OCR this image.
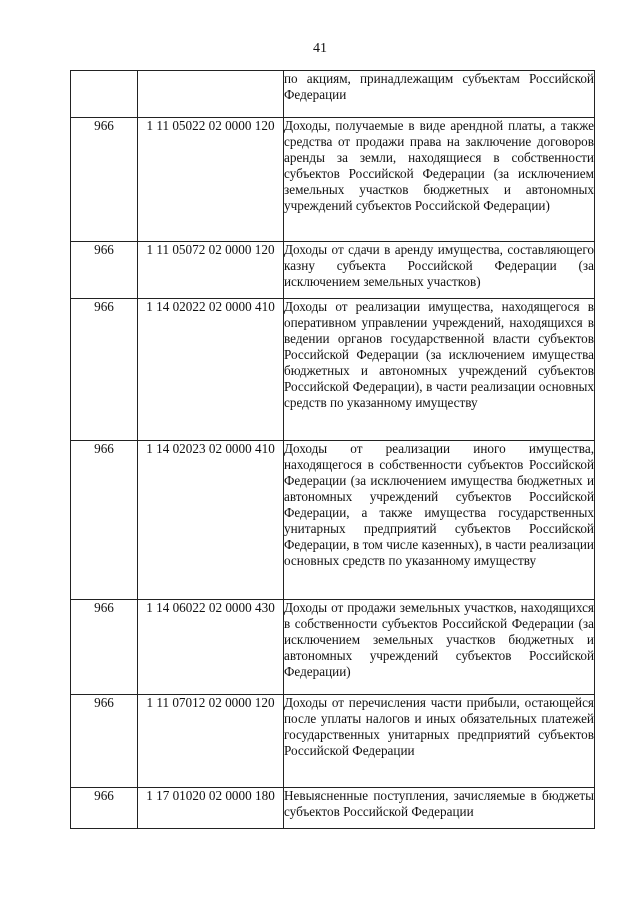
41
		по акциям, принадлежащим субъектам Российской Федерации
966	1 11 05022 02 0000 120	Доходы, получаемые в виде арендной платы, а также средства от продажи права на заключение договоров аренды за земли, находящиеся в собственности субъектов Российской Федерации (за исключением земельных участков бюджетных и автономных учреждений субъектов Российской Федерации)
966	1 11 05072 02 0000 120	Доходы от сдачи в аренду имущества, составляющего казну субъекта Российской Федерации (за исключением земельных участков)
966	1 14 02022 02 0000 410	Доходы от реализации имущества, находящегося в оперативном управлении учреждений, находящихся в ведении органов государственной власти субъектов Российской Федерации (за исключением имущества бюджетных и автономных учреждений субъектов Российской Федерации), в части реализации основных средств по указанному имуществу
966	1 14 02023 02 0000 410	Доходы от реализации иного имущества, находящегося в собственности субъектов Российской Федерации (за исключением имущества бюджетных и автономных учреждений субъектов Российской Федерации, а также имущества государственных унитарных предприятий субъектов Российской Федерации, в том числе казенных), в части реализации основных средств по указанному имуществу
966	1 14 06022 02 0000 430	Доходы от продажи земельных участков, находящихся в собственности субъектов Российской Федерации (за исключением земельных участков бюджетных и автономных учреждений субъектов Российской Федерации)
966	1 11 07012 02 0000 120	Доходы от перечисления части прибыли, остающейся после уплаты налогов и иных обязательных платежей государственных унитарных предприятий субъектов Российской Федерации
966	1 17 01020 02 0000 180	Невыясненные поступления, зачисляемые в бюджеты субъектов Российской Федерации
